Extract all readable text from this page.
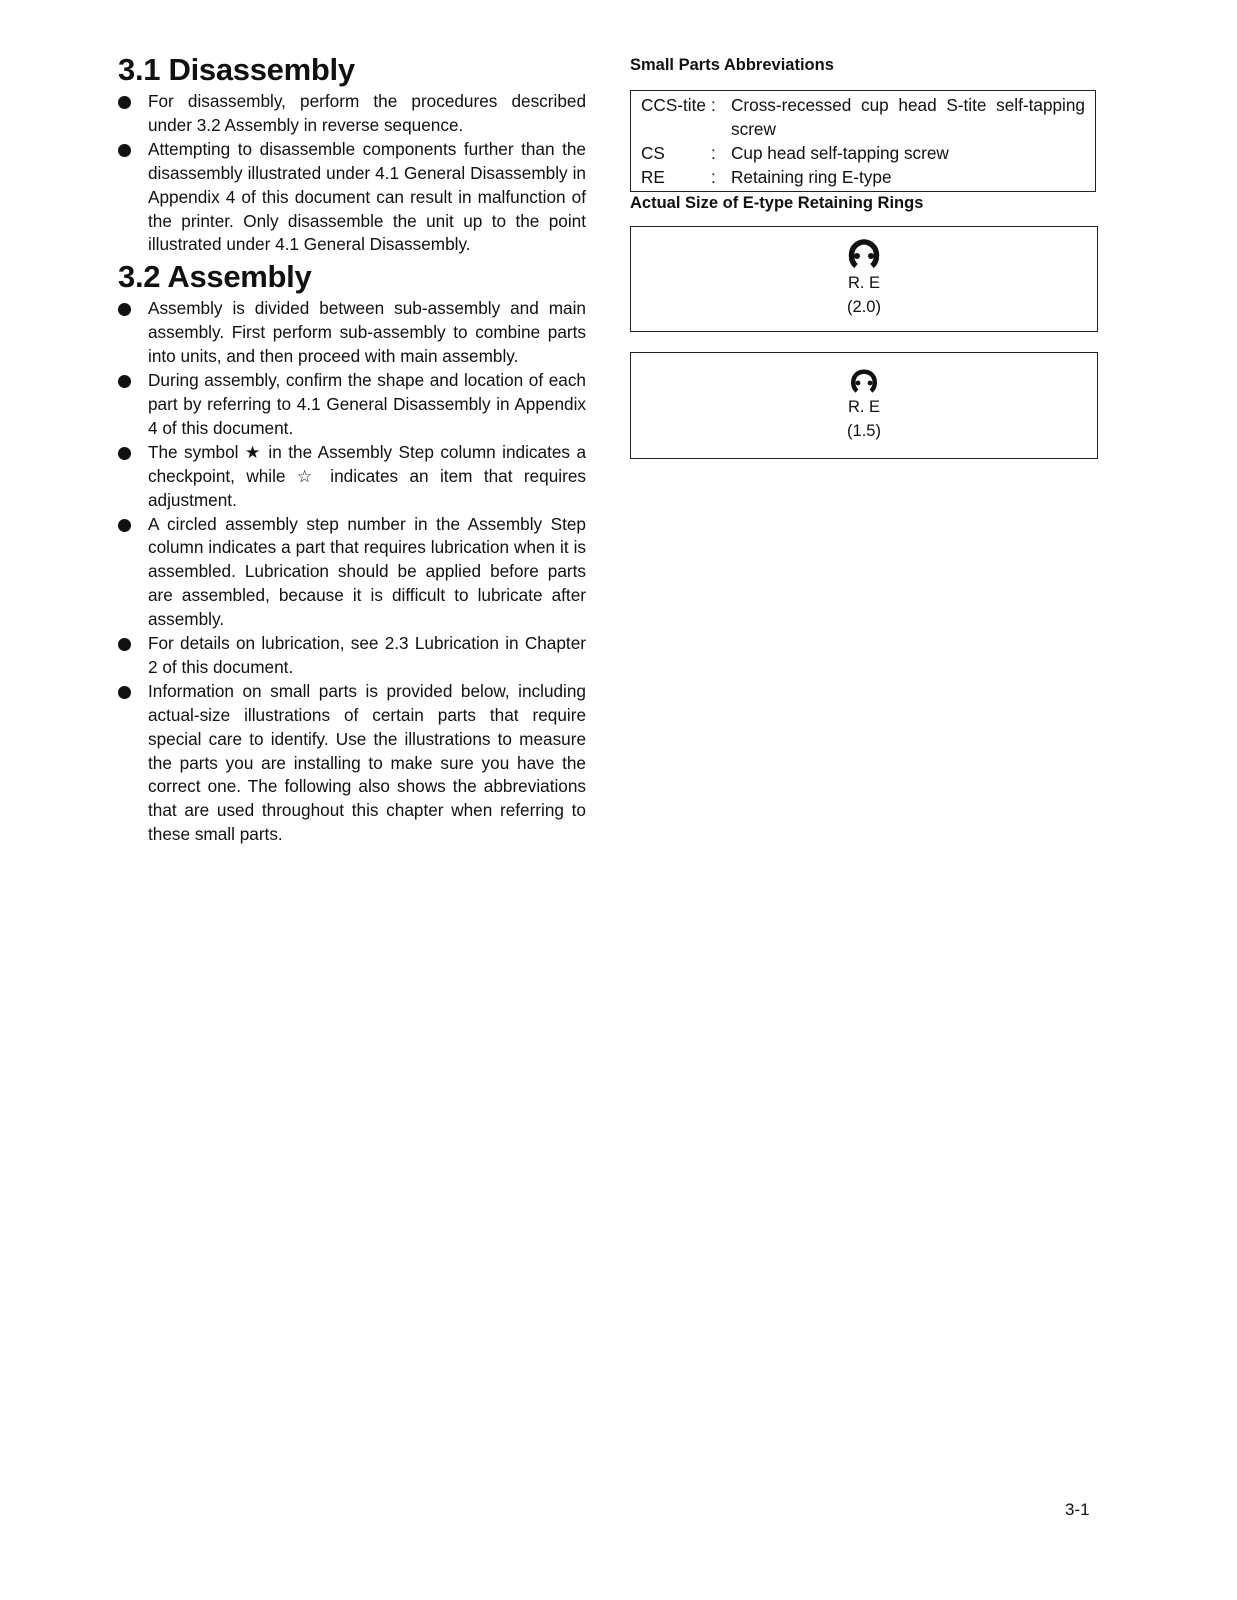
3.1 Disassembly
For disassembly, perform the procedures described under 3.2 Assembly in reverse sequence.
Attempting to disassemble components further than the disassembly illustrated under 4.1 General Disassembly in Appendix 4 of this document can result in malfunction of the printer. Only disassemble the unit up to the point illustrated under 4.1 General Disassembly.
3.2 Assembly
Assembly is divided between sub-assembly and main assembly. First perform sub-assembly to combine parts into units, and then proceed with main assembly.
During assembly, confirm the shape and location of each part by referring to 4.1 General Disassembly in Appendix 4 of this document.
The symbol ★ in the Assembly Step column indicates a checkpoint, while ☆ indicates an item that requires adjustment.
A circled assembly step number in the Assembly Step column indicates a part that requires lubrication when it is assembled. Lubrication should be applied before parts are assembled, because it is difficult to lubricate after assembly.
For details on lubrication, see 2.3 Lubrication in Chapter 2 of this document.
Information on small parts is provided below, including actual-size illustrations of certain parts that require special care to identify. Use the illustrations to measure the parts you are installing to make sure you have the correct one. The following also shows the abbreviations that are used throughout this chapter when referring to these small parts.
Small Parts Abbreviations
CCS-tite : Cross-recessed cup head S-tite self-tapping screw
CS	: Cup head self-tapping screw
RE	: Retaining ring E-type
Actual Size of E-type Retaining Rings
R. E
(2.0)
R. E
(1.5)
3-1
